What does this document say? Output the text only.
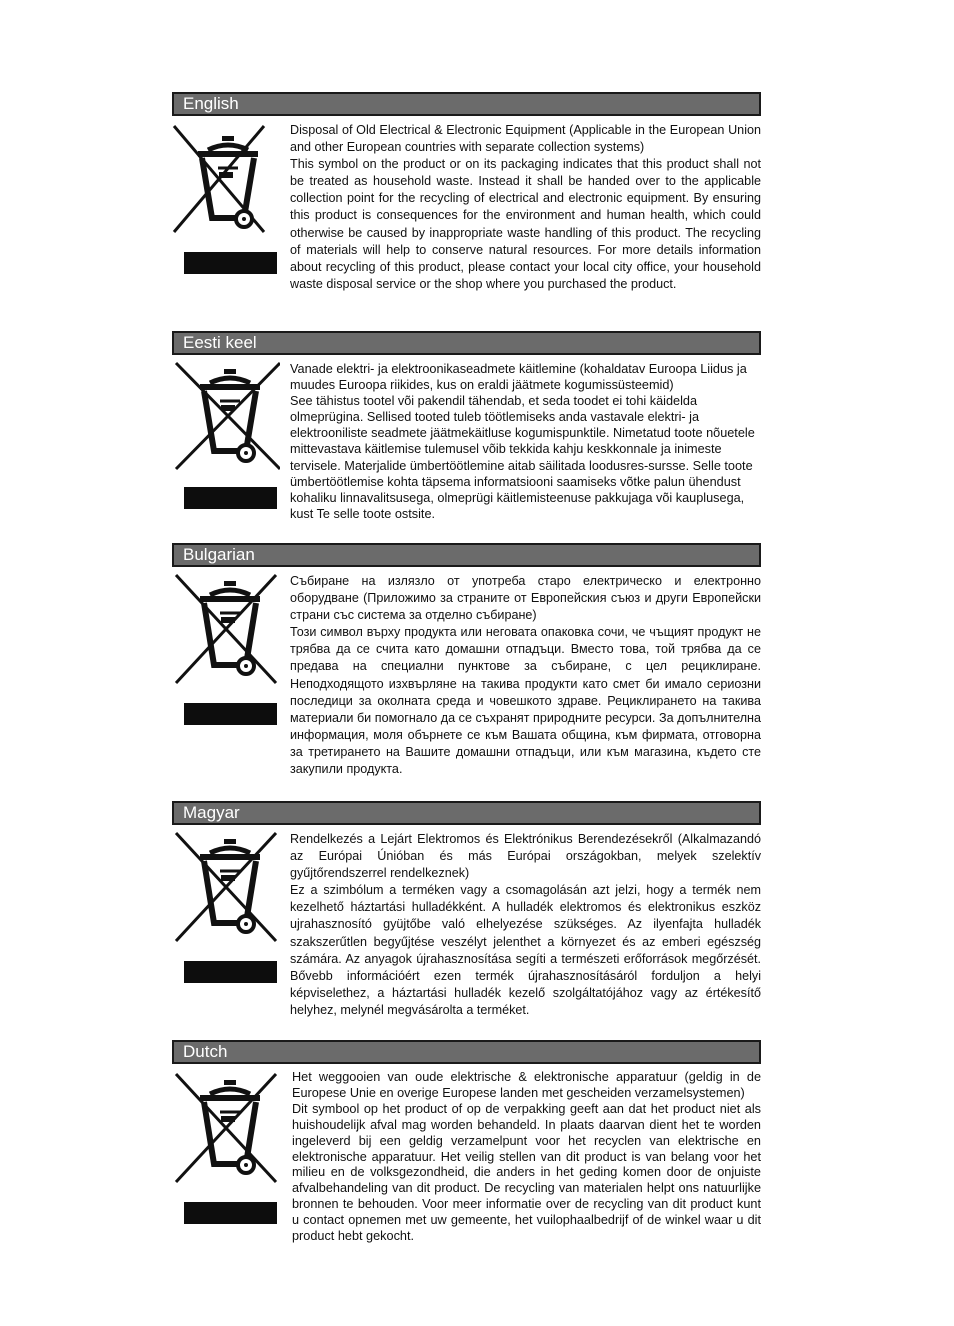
English

Disposal of Old Electrical & Electronic Equipment (Applicable in the European Union and other European countries with separate collection systems)

This symbol on the product or on its packaging indicates that this product shall not be treated as household waste. Instead it shall be handed over to the applicable collection point for the recycling of electrical and electronic equipment. By ensuring this product is consequences for the environment and human health, which could otherwise be caused by inappropriate waste handling of this product. The recycling of materials will help to conserve natural resources. For more details information about recycling of this product, please contact your local city office, your household waste disposal service or the shop where you purchased the product.

Eesti keel

Vanade elektri- ja elektroonikaseadmete käitlemine (kohaldatav Euroopa Liidus ja muudes Euroopa riikides, kus on eraldi jäätmete kogumissüsteemid)

See tähistus tootel või pakendil tähendab, et seda toodet ei tohi käidelda olmeprügina. Sellised tooted tuleb töötlemiseks anda vastavale elektri- ja elektrooniliste seadmete jäätmekäitluse kogumispunktile. Nimetatud toote nõuetele mittevastava käitlemise tulemusel võib tekkida kahju keskkonnale ja inimeste tervisele. Materjalide ümbertöötlemine aitab säilitada loodusres-sursse. Selle toote ümbertöötlemise kohta täpsema informatsiooni saamiseks võtke palun ühendust kohaliku linnavalitsusega, olmeprügi käitlemisteenuse pakkujaga või kauplusega, kust Te selle toote ostsite.

Bulgarian

Събиране на излязло от употреба старо електрическо и електронно оборудване (Приложимо за страните от Европейския съюз и други Европейски страни със система за отделно събиране)

Този символ върху продукта или неговата опаковка сочи, че чъщият продукт не трябва да се счита като домашни отпадъци. Вместо това, той трябва да се предава на специални пунктове за събиране, с цел рециклиране. Неподходящото изхвърляне на такива продукти като смет би имало сериозни последици за околната среда и човешкото здраве. Рециклирането на такива материали би помогнало да се съхранят природните ресурси. За допълнителна информация, моля обърнете се към Вашата община, към фирмата, отговорна за третирането на Вашите домашни отпадъци, или към магазина, където сте закупили продукта.

Magyar

Rendelkezés a Lejárt Elektromos és Elektrónikus Berendezésekről (Alkalmazandó az Európai Únióban és más Európai országokban, melyek szelektív gyűjtőrendszerrel rendelkeznek)

Ez a szimbólum a terméken vagy a csomagolásán azt jelzi, hogy a termék nem kezelhető háztartási hulladékként. A hulladék elektromos és elektronikus eszköz ujrahasznosító gyüjtőbe való elhelyezése szükséges. Az ilyenfajta hulladék szakszerűtlen begyűjtése veszélyt jelenthet a környezet és az emberi egészség számára. Az anyagok újrahasznosítása segíti a természeti erőforrások megőrzését. Bővebb információért ezen termék újrahasznosításáról forduljon a helyi képviselethez, a háztartási hulladék kezelő szolgáltatójához vagy az értékesítő helyhez, melynél megvásárolta a terméket.

Dutch

Het weggooien van oude elektrische & elektronische apparatuur (geldig in de Europese Unie en overige Europese landen met gescheiden verzamelsystemen)

Dit symbool op het product of op de verpakking geeft aan dat het product niet als huishoudelijk afval mag worden behandeld. In plaats daarvan dient het te worden ingeleverd bij een geldig verzamelpunt voor het recyclen van elektrische en elektronische apparatuur. Het veilig stellen van dit product is van belang voor het milieu en de volksgezondheid, die anders in het geding komen door de onjuiste afvalbehandeling van dit product. De recycling van materialen helpt ons natuurlijke bronnen te behouden. Voor meer informatie over de recycling van dit product kunt u contact opnemen met uw gemeente, het vuilophaalbedrijf of de winkel waar u dit product hebt gekocht.
